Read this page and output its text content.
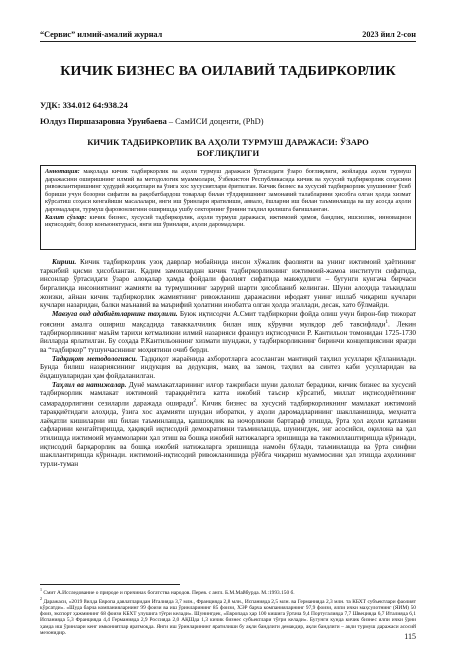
“Сервис” илмий-амалий журнал	2023 йил 2-сон
КИЧИК БИЗНЕС ВА ОИЛАВИЙ ТАДБИРКОРЛИК
УДК: 334.012 64:938.24
Юлдуз Пиршазаровна Урунбаева – СамИСИ доценти, (PhD)
КИЧИК ТАДБИРКОРЛИК ВА АҲОЛИ ТУРМУШ ДАРАЖАСИ: ЎЗАРО
БОҒЛИҚЛИГИ
Аннотация: мақолада кичик тадбиркорлик ва аҳоли турмуш даражаси ўртасидаги ўзаро боғлиқлиги, жойларда аҳоли турмуш даражасини оширишнинг илмий ва методологик муаммолари, Ўзбекистон Республикасида кичик ва хусусий тадбиркорлик соҳасини ривожлантиришнинг ҳудудий жиҳатлари ва ўзига хос хусусиятлари ёритилган. Кичик бизнес ва хусусий тадбиркорлик улушининг ўсиб бориши учун бозорни сифатли ва рақобатбардош товарлар билан тўлдиришнинг замонавий талабларини ҳисобга олган ҳолда хизмат кўрсатиш соҳаси кенгайиши масалалари, янги иш ўринлари яратилиши, аввало, ёшларни иш билан таъминлашда ва шу асосда аҳоли даромадлари, турмуш фаровонлигини оширишда ушбу секторнинг ўрнини таҳлил қилишга бағишланган.
Калит сўзлар: кичик бизнес, хусусий тадбиркорлик, аҳоли турмуш даражаси, ижтимоий ҳимоя, бандлик, ишсизлик, инновацион иқтисодиёт, бозор конъюнктураси, янги иш ўринлари, аҳоли даромадлари.

Кириш. Кичик тадбиркорлик узоқ даврлар мобайнида инсон хўжалик фаолияти ва унинг ижтимоий ҳаётининг таркибий қисми ҳисобланган. Қадим замонлардан кичик тадбиркорликнинг ижтимоий-жамоа институти сифатида, инсонлар ўртасидаги ўзаро алоқалар ҳамда фойдали фаолият сифатида мавжудлиги – бугунги кунгача бирчаси биргаликда инсониятнинг жамияти ва турмушининг зарурий шарти ҳисобланиб келинган. Шуни алоҳида таъкидлаш жоизки, айнан кичик тадбиркорлик жамиятнинг ривожланиш даражасини ифодаят унинг ишлаб чиқариш кучлари кучлари назаридан, балки маънавий ва маърифий ҳолатини инобатга олган ҳолда эгаллади, десак, хато бўлмайди.

Мавзуга оид адабиётларнинг таҳлили. Буюк иқтисодчи А.Смит тадбиркорни фойда олиш учун бирон-бир тижорат ғоясини амалга ошириш мақсадида таваккалчилик билан ишқ кўрувчи мулкдор деб тавсифлади$^1$. Лекин тадбиркорликнинг маъйм тарихи кетмаликни илмий назарияси француз иқтисодчиси Р. Кантильон томонидан 1725-1730 йилларда ярлатилган. Бу соҳада Р.Кантильоннинг хизмати шундаки, у тадбиркорликнинг биринчи концепциясини ярагди ва “тадбиркор” тушунчасининг моҳиятини очиб берди.

Тадқиқот методологияси. Тадқиқот жараёнида ахборотларга асосланган мантиқий таҳлил усуллари қўлланилади. Бунда билиш назариясининг индукция ва дедукция, мавҳ ва замон, таҳлил ва синтез каби усулларидан ва ёндашувларидан ҳам фойдаланилган.

Таҳлил ва натижалар. Дунё мамлакатларининг илғор тажрибаси шуни далолат берадики, кичик бизнес ва хусусий тадбиркорлик мамлакат ижтимоий тараққиётига катта ижобий таъсир кўрсатиб, миллат иқтисодиётининг самарадорлигини сезиларли даражада оширади$^2$. Кичик бизнес ва хусусий тадбиркорликнинг мамлакат ижтимоий тараққиётидаги алоҳида, ўзига хос аҳамияти шундан иборатки, у аҳоли даромадларининг шаклланишида, меҳнатга лаёқатли кишиларни иш билан таъминлашда, қашшоқлик ва ночорликни бартараф этишда, ўрта ҳол аҳоли қатламни сафларини кенгайтиришда, ҳақиқий иқтисодий демократияни таъминлашда, шунингдек, энг асосийси, оқилона ва ҳал этилишда ижтимоий муаммоларни ҳал этиш ва бошқа ижобий натижаларга эришишда ва такомиллаштиришда кўринади, иқтисодий барқарорлик ва бошқа ижобий натижаларга эришишда намоён бўлади, таъминлашда ва ўрта синфни шакллантиришда кўринади. ижтимоий-иқтисодий ривожланишида рўёбга чиқариш муаммосини ҳал этишда аҳолининг турли-туман

$^1$ Смит А.Исследование о природе и причинах богатства народов. Перев. с англ. Б.М.Майбурда. М.:1993.150 б.

$^2$ Даражаси, «2019 йилда Европа давлатларидан Италияда 3,7 млн., Францияда 2,8 млн., Испанияда 2,5 млн. ва Германияда 2,3 млн. та КБХТ субъектлари фаолият кўрсатди». «Шуда барча компанияларнинг 99 фоизи ва иш ўринларининг 85 фоизи, ХЭР барча компанияларнинг 97,9 фоизи, ялпи ички маҳсулотнинг (ЯИМ) 50 фоиз, экспорт ҳажмининг 68 фоизи КБХТ улушига тўғри келади». Шунингдек, «Европада ҳар 100 кишига ўртача 9,4 Португалияда 7,7 Швецияда 6,7 Италияда 6,1 Испанияда 5,3 Францияда 4,4 Германияда 2,9 Россияда 2,0 АҚШда 1,3 кичик бизнес субъектлари тўғри келади». Бугунги кунда кичик бизнес ялпи ички ўрни ҳамда иш ўринлари кенг имкониятлар яратмоқда. Янги иш ўринларининг яратилиши бу ақли бандлиги демакдир, ақли бандлиги – ақли турмуш даражаси асосий мезонидир.	115
